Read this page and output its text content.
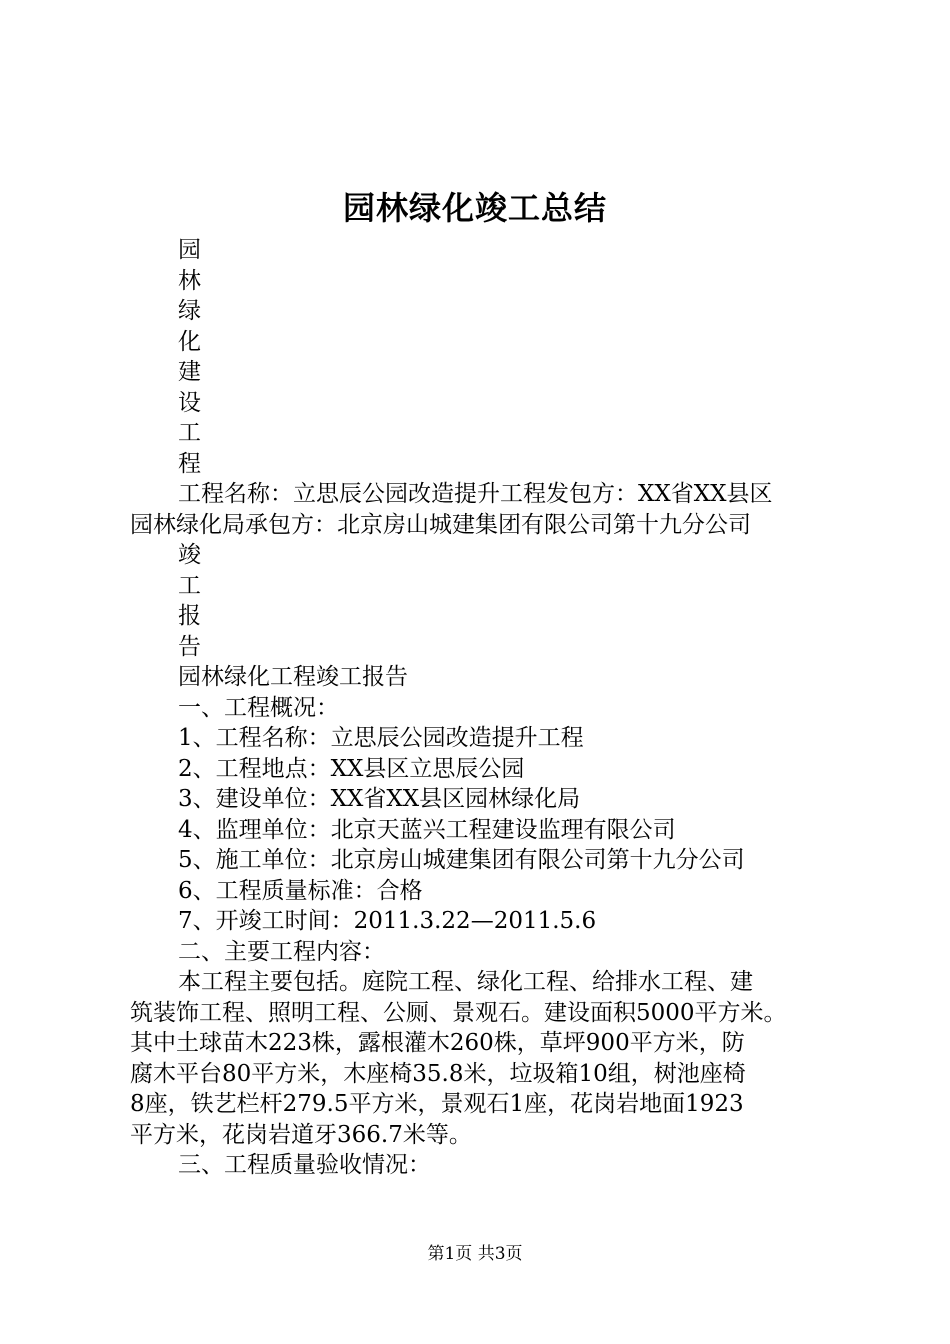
园林绿化竣工总结
园
林
绿
化
建
设
工
程
工程名称：立思辰公园改造提升工程发包方：XX省XX县区
园林绿化局承包方：北京房山城建集团有限公司第十九分公司
竣
工
报
告
园林绿化工程竣工报告
一、工程概况：
1、工程名称：立思辰公园改造提升工程
2、工程地点：XX县区立思辰公园
3、建设单位：XX省XX县区园林绿化局
4、监理单位：北京天蓝兴工程建设监理有限公司
5、施工单位：北京房山城建集团有限公司第十九分公司
6、工程质量标准：合格
7、开竣工时间：2011.3.22—2011.5.6
二、主要工程内容：
本工程主要包括。庭院工程、绿化工程、给排水工程、建
筑装饰工程、照明工程、公厕、景观石。建设面积5000平方米。
其中土球苗木223株，露根灌木260株，草坪900平方米，防
腐木平台80平方米，木座椅35.8米，垃圾箱10组，树池座椅
8座，铁艺栏杆279.5平方米，景观石1座，花岗岩地面1923
平方米，花岗岩道牙366.7米等。
三、工程质量验收情况：
第1页 共3页
